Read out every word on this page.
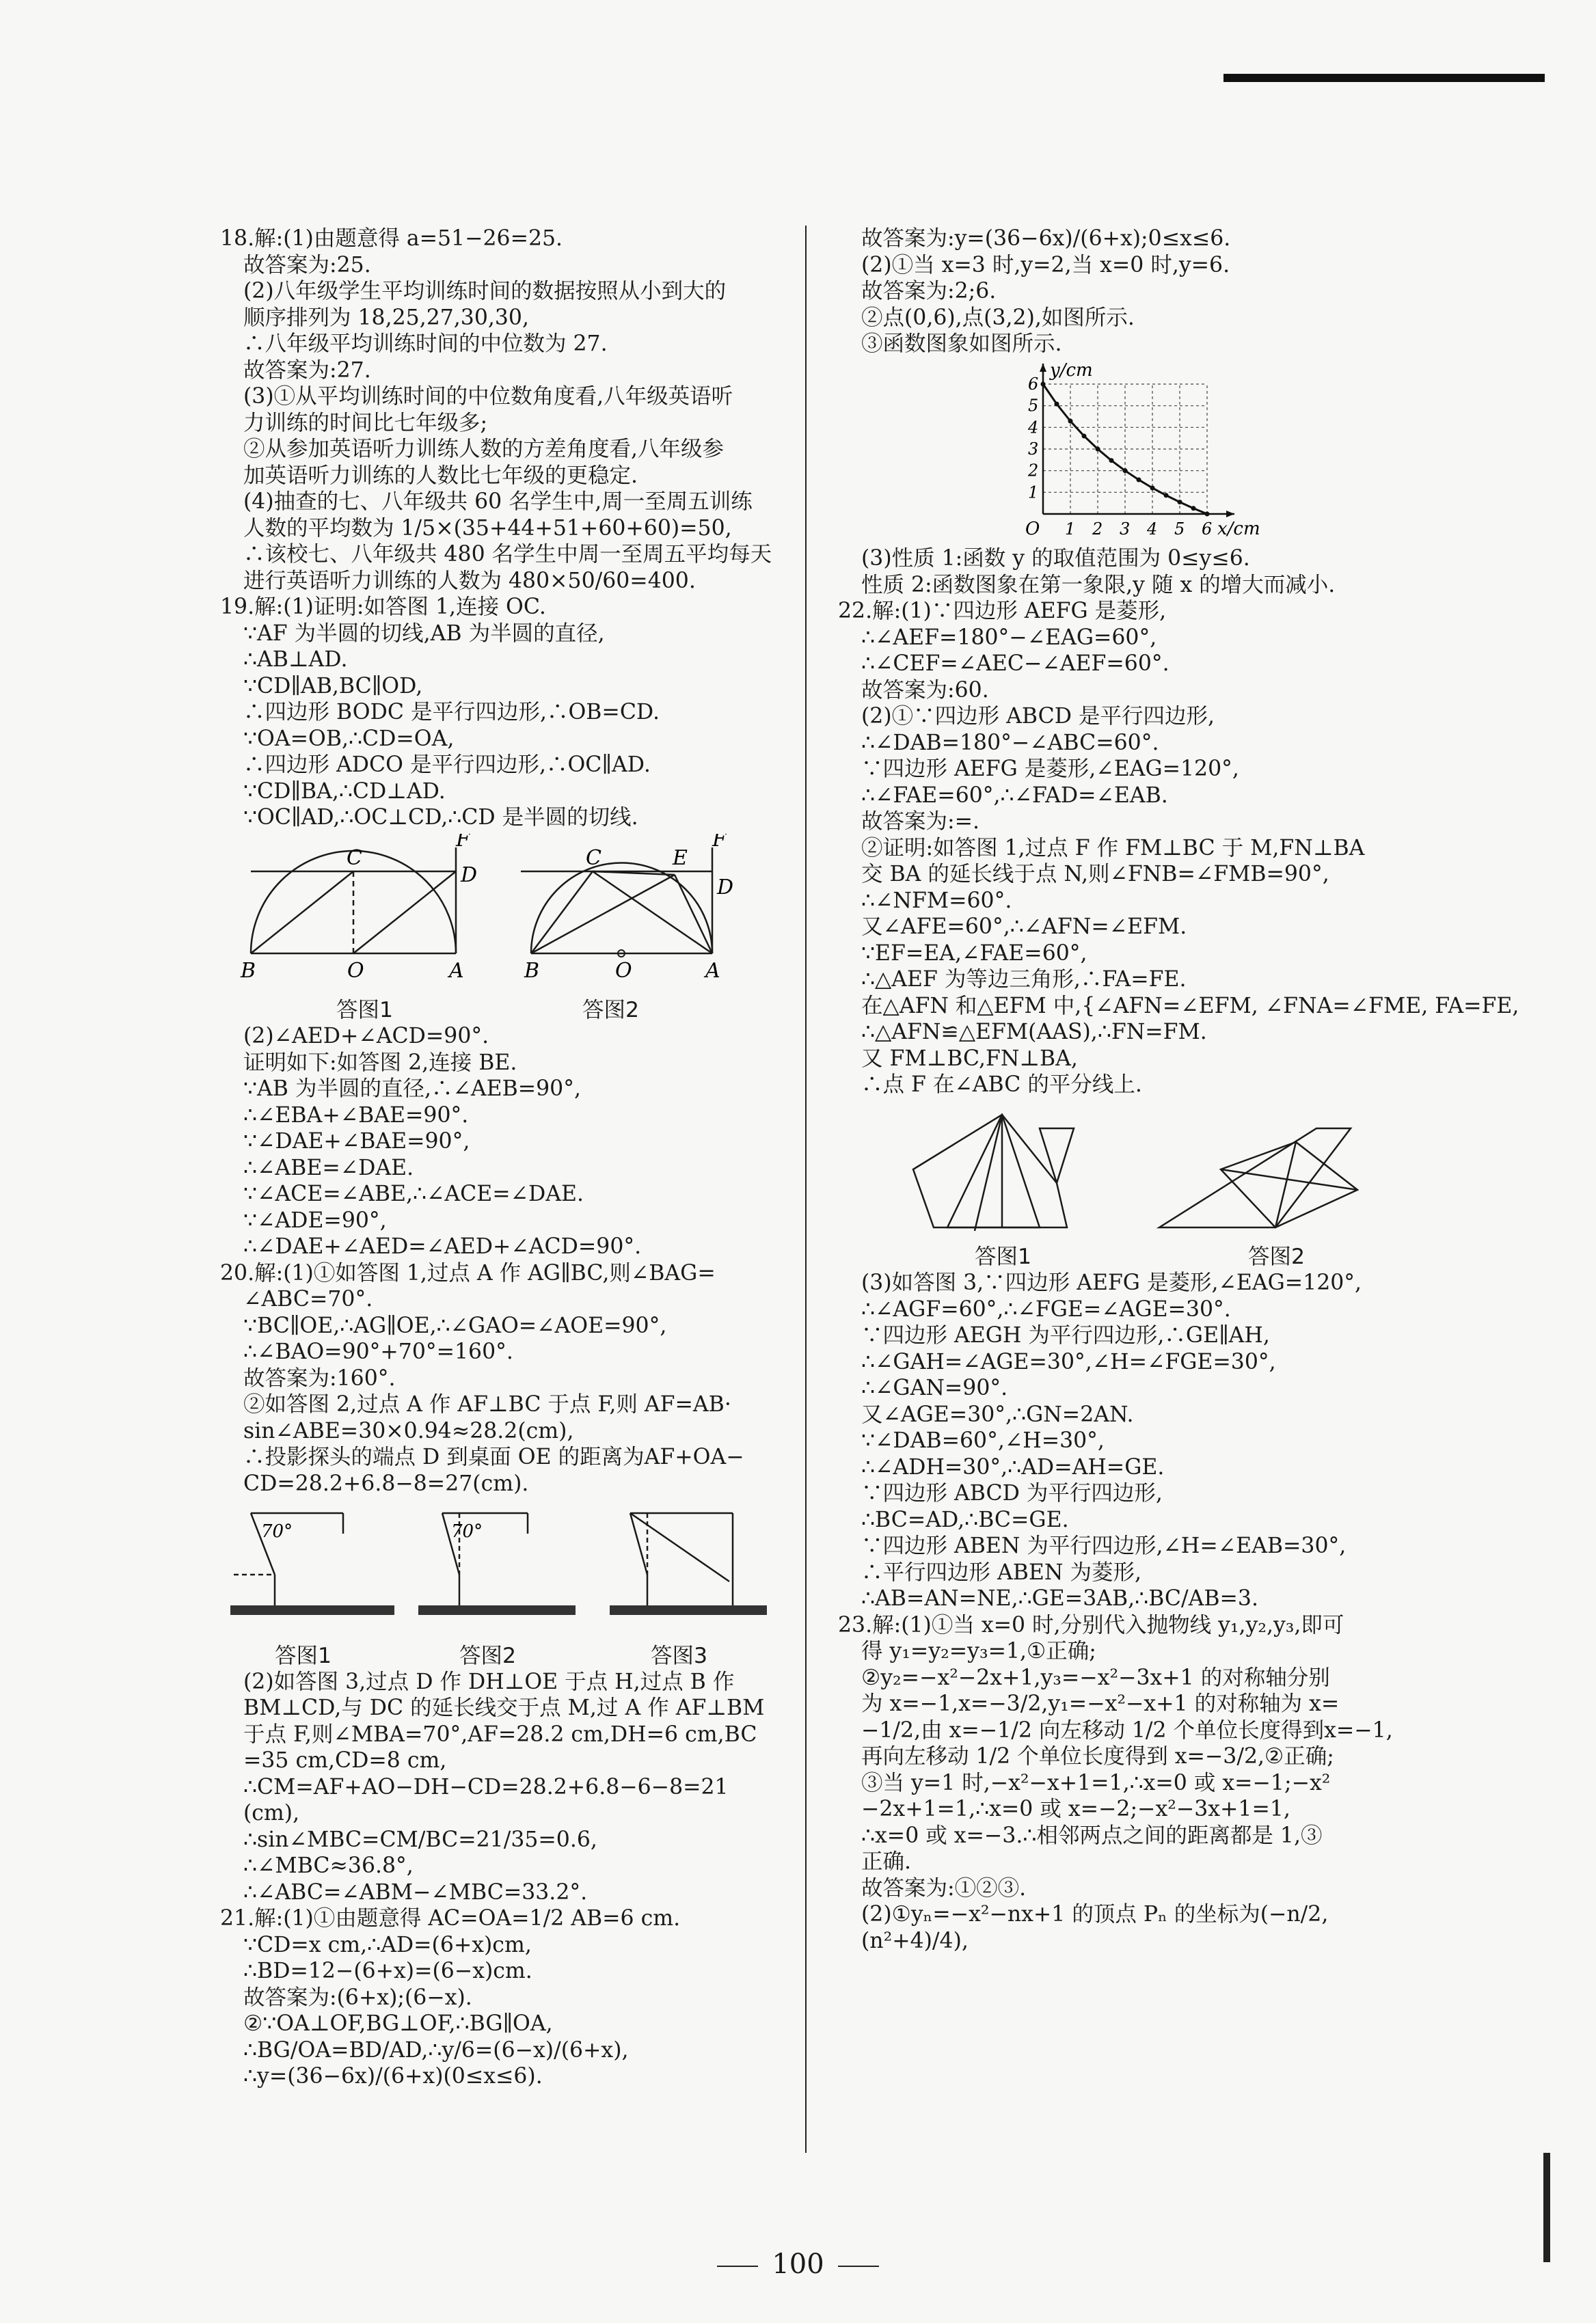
18.解:(1)由题意得 a=51−26=25.
故答案为:25.
(2)八年级学生平均训练时间的数据按照从小到大的
顺序排列为 18,25,27,30,30,
∴八年级平均训练时间的中位数为 27.
故答案为:27.
(3)①从平均训练时间的中位数角度看,八年级英语听
力训练的时间比七年级多;
②从参加英语听力训练人数的方差角度看,八年级参
加英语听力训练的人数比七年级的更稳定.
(4)抽查的七、八年级共 60 名学生中,周一至周五训练
人数的平均数为 1/5×(35+44+51+60+60)=50,
∴该校七、八年级共 480 名学生中周一至周五平均每天
进行英语听力训练的人数为 480×50/60=400.
19.解:(1)证明:如答图 1,连接 OC.
∵AF 为半圆的切线,AB 为半圆的直径,
∴AB⊥AD.
∵CD∥AB,BC∥OD,
∴四边形 BODC 是平行四边形,∴OB=CD.
∵OA=OB,∴CD=OA,
∴四边形 ADCO 是平行四边形,∴OC∥AD.
∵CD∥BA,∴CD⊥AD.
∵OC∥AD,∴OC⊥CD,∴CD 是半圆的切线.
F
C
D
B	O	A
F
C	E
D
B	O	A
答图1	答图2
(2)∠AED+∠ACD=90°.
证明如下:如答图 2,连接 BE.
∵AB 为半圆的直径,∴∠AEB=90°,
∴∠EBA+∠BAE=90°.
∵∠DAE+∠BAE=90°,
∴∠ABE=∠DAE.
∵∠ACE=∠ABE,∴∠ACE=∠DAE.
∵∠ADE=90°,
∴∠DAE+∠AED=∠AED+∠ACD=90°.
20.解:(1)①如答图 1,过点 A 作 AG∥BC,则∠BAG=
∠ABC=70°.
∵BC∥OE,∴AG∥OE,∴∠GAO=∠AOE=90°,
∴∠BAO=90°+70°=160°.
故答案为:160°.
②如答图 2,过点 A 作 AF⊥BC 于点 F,则 AF=AB·
sin∠ABE=30×0.94≈28.2(cm),
∴投影探头的端点 D 到桌面 OE 的距离为AF+OA−
CD=28.2+6.8−8=27(cm).
70°	70°
答图1	答图2	答图3
(2)如答图 3,过点 D 作 DH⊥OE 于点 H,过点 B 作
BM⊥CD,与 DC 的延长线交于点 M,过 A 作 AF⊥BM
于点 F,则∠MBA=70°,AF=28.2 cm,DH=6 cm,BC
=35 cm,CD=8 cm,
∴CM=AF+AO−DH−CD=28.2+6.8−6−8=21
(cm),
∴sin∠MBC=CM/BC=21/35=0.6,
∴∠MBC≈36.8°,
∴∠ABC=∠ABM−∠MBC=33.2°.
21.解:(1)①由题意得 AC=OA=1/2 AB=6 cm.
∵CD=x cm,∴AD=(6+x)cm,
∴BD=12−(6+x)=(6−x)cm.
故答案为:(6+x);(6−x).
②∵OA⊥OF,BG⊥OF,∴BG∥OA,
∴BG/OA=BD/AD,∴y/6=(6−x)/(6+x),
∴y=(36−6x)/(6+x)(0≤x≤6).
故答案为:y=(36−6x)/(6+x);0≤x≤6.
(2)①当 x=3 时,y=2,当 x=0 时,y=6.
故答案为:2;6.
②点(0,6),点(3,2),如图所示.
③函数图象如图所示.
1 2 3 4 5 6
1
2
3
4
5
6
O	x/cm
y/cm
(3)性质 1:函数 y 的取值范围为 0≤y≤6.
性质 2:函数图象在第一象限,y 随 x 的增大而减小.
22.解:(1)∵四边形 AEFG 是菱形,
∴∠AEF=180°−∠EAG=60°,
∴∠CEF=∠AEC−∠AEF=60°.
故答案为:60.
(2)①∵四边形 ABCD 是平行四边形,
∴∠DAB=180°−∠ABC=60°.
∵四边形 AEFG 是菱形,∠EAG=120°,
∴∠FAE=60°,∴∠FAD=∠EAB.
故答案为:=.
②证明:如答图 1,过点 F 作 FM⊥BC 于 M,FN⊥BA
交 BA 的延长线于点 N,则∠FNB=∠FMB=90°,
∴∠NFM=60°.
又∠AFE=60°,∴∠AFN=∠EFM.
∵EF=EA,∠FAE=60°,
∴△AEF 为等边三角形,∴FA=FE.
在△AFN 和△EFM 中,{∠AFN=∠EFM, ∠FNA=∠FME, FA=FE,
∴△AFN≌△EFM(AAS),∴FN=FM.
又 FM⊥BC,FN⊥BA,
∴点 F 在∠ABC 的平分线上.
答图1	答图2
(3)如答图 3,∵四边形 AEFG 是菱形,∠EAG=120°,
∴∠AGF=60°,∴∠FGE=∠AGE=30°.
∵四边形 AEGH 为平行四边形,∴GE∥AH,
∴∠GAH=∠AGE=30°,∠H=∠FGE=30°,
∴∠GAN=90°.
又∠AGE=30°,∴GN=2AN.
∵∠DAB=60°,∠H=30°,
∴∠ADH=30°,∴AD=AH=GE.
∵四边形 ABCD 为平行四边形,
∴BC=AD,∴BC=GE.
∵四边形 ABEN 为平行四边形,∠H=∠EAB=30°,
∴平行四边形 ABEN 为菱形,
∴AB=AN=NE,∴GE=3AB,∴BC/AB=3.
23.解:(1)①当 x=0 时,分别代入抛物线 y₁,y₂,y₃,即可
得 y₁=y₂=y₃=1,①正确;
②y₂=−x²−2x+1,y₃=−x²−3x+1 的对称轴分别
为 x=−1,x=−3/2,y₁=−x²−x+1 的对称轴为 x=
−1/2,由 x=−1/2 向左移动 1/2 个单位长度得到x=−1,
再向左移动 1/2 个单位长度得到 x=−3/2,②正确;
③当 y=1 时,−x²−x+1=1,∴x=0 或 x=−1;−x²
−2x+1=1,∴x=0 或 x=−2;−x²−3x+1=1,
∴x=0 或 x=−3.∴相邻两点之间的距离都是 1,③
正确.
故答案为:①②③.
(2)①yₙ=−x²−nx+1 的顶点 Pₙ 的坐标为(−n/2,
(n²+4)/4),
100
